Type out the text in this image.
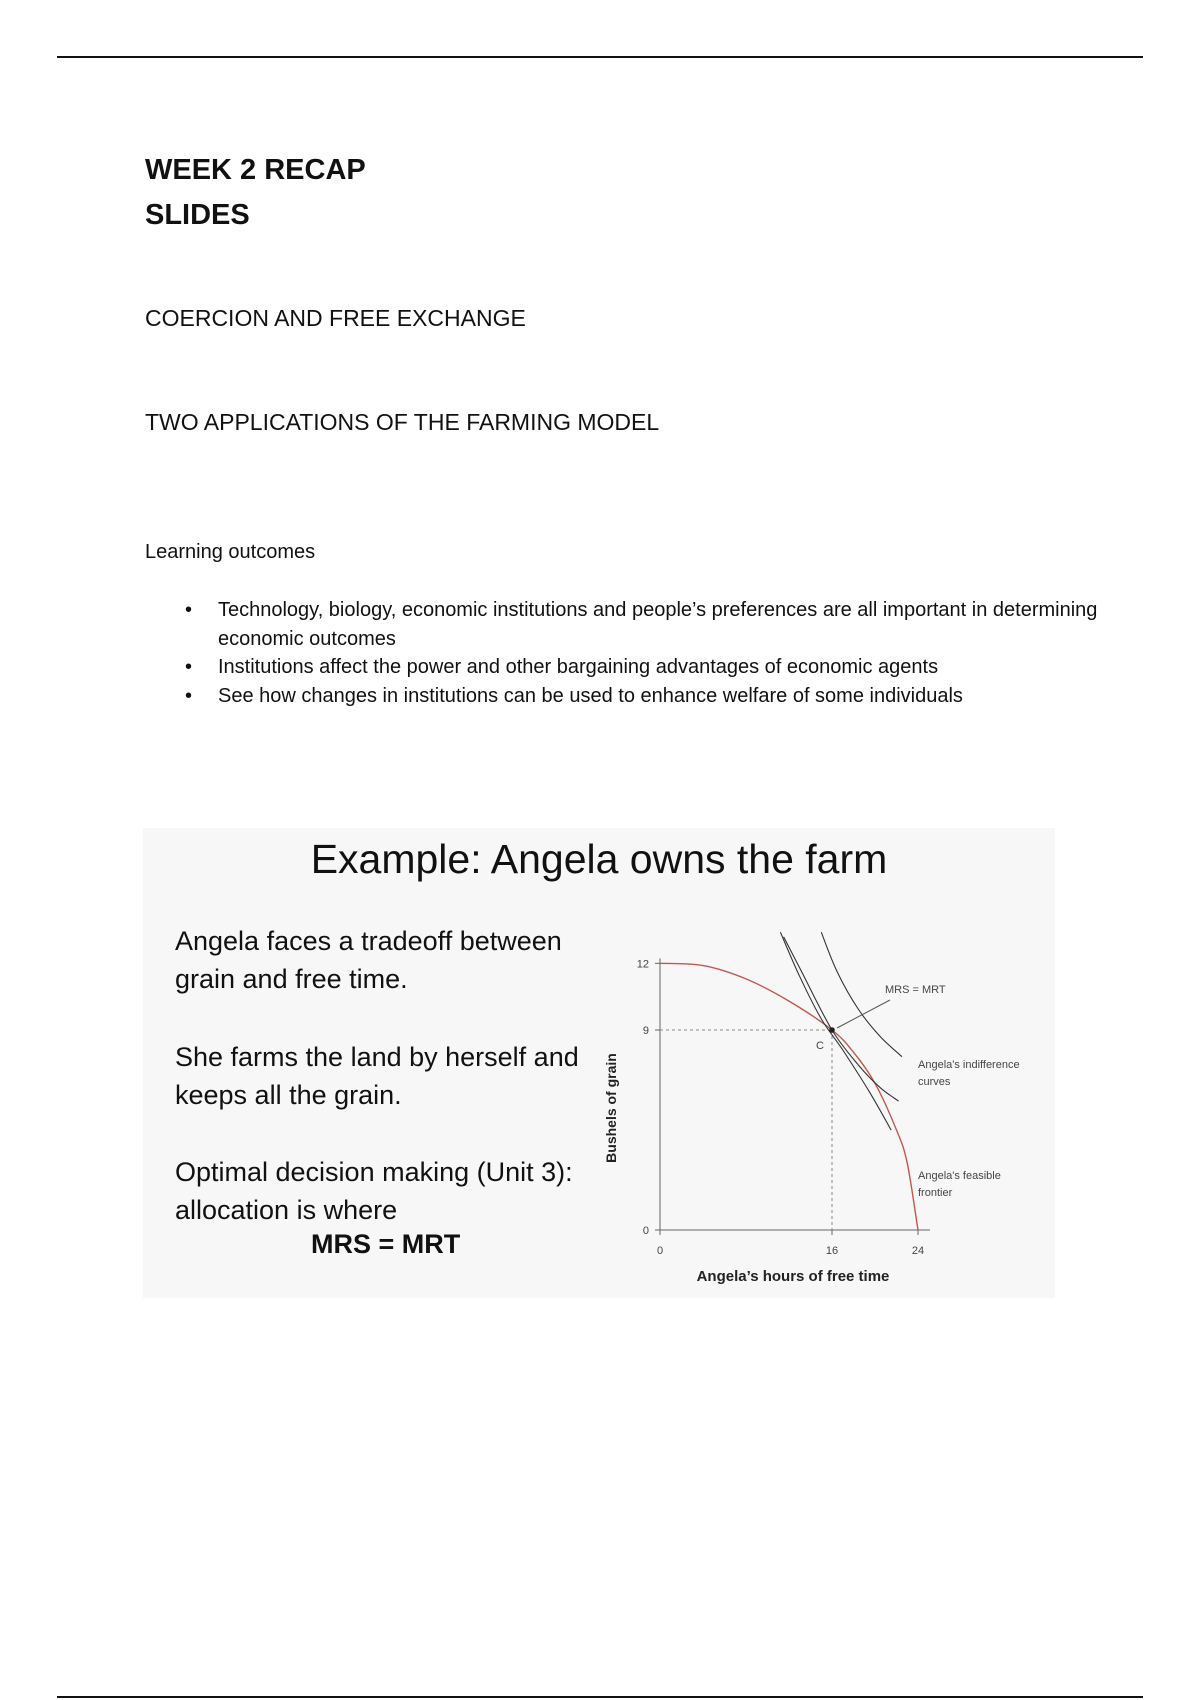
WEEK 2 RECAP
SLIDES
COERCION AND FREE EXCHANGE
TWO APPLICATIONS OF THE FARMING MODEL

Learning outcomes

• Technology, biology, economic institutions and people’s preferences are all important in determining economic outcomes
• Institutions affect the power and other bargaining advantages of economic agents
• See how changes in institutions can be used to enhance welfare of some individuals
Example: Angela owns the farm

Angela faces a tradeoff between grain and free time.

She farms the land by herself and keeps all the grain.

Optimal decision making (Unit 3): allocation is where

MRS = MRT	0
9
12
0	16	24
C
Bushels of grain
Angela’s hours of free time
MRS = MRT
Angela's indifference
curves
Angela's feasible
frontier
